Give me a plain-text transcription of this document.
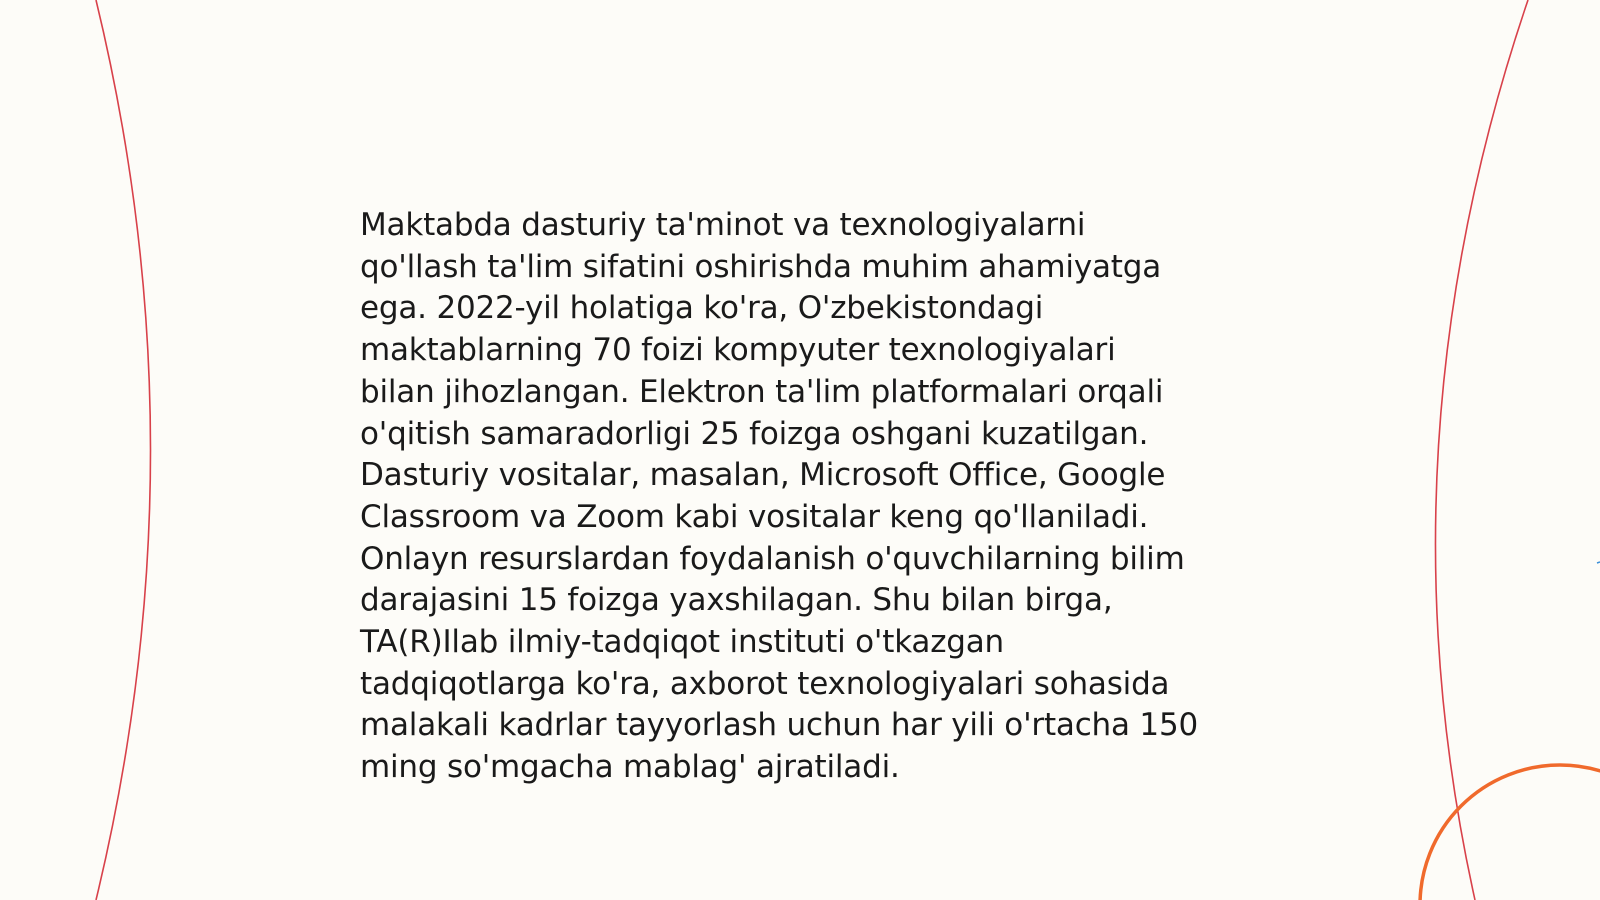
Maktabda dasturiy ta'minot va texnologiyalarni
qo'llash ta'lim sifatini oshirishda muhim ahamiyatga
ega. 2022-yil holatiga ko'ra, O'zbekistondagi
maktablarning 70 foizi kompyuter texnologiyalari
bilan jihozlangan. Elektron ta'lim platformalari orqali
o'qitish samaradorligi 25 foizga oshgani kuzatilgan.
Dasturiy vositalar, masalan, Microsoft Office, Google
Classroom va Zoom kabi vositalar keng qo'llaniladi.
Onlayn resurslardan foydalanish o'quvchilarning bilim
darajasini 15 foizga yaxshilagan. Shu bilan birga,
TA(R)Ilab ilmiy-tadqiqot instituti o'tkazgan
tadqiqotlarga ko'ra, axborot texnologiyalari sohasida
malakali kadrlar tayyorlash uchun har yili o'rtacha 150
ming so'mgacha mablag' ajratiladi.
